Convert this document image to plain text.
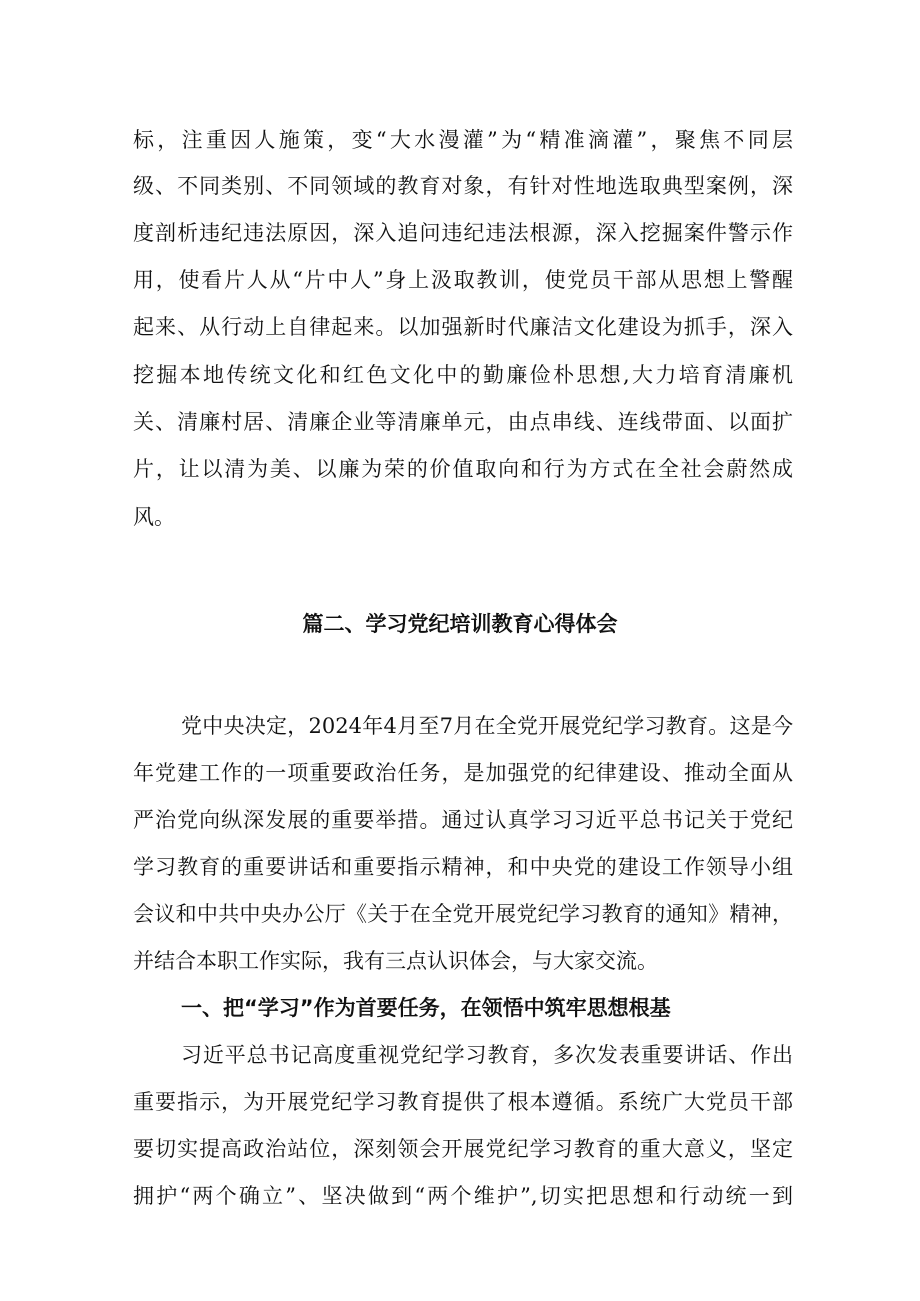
标，注重因人施策，变“大水漫灌”为“精准滴灌”，聚焦不同层
级、不同类别、不同领域的教育对象，有针对性地选取典型案例，深
度剖析违纪违法原因，深入追问违纪违法根源，深入挖掘案件警示作
用，使看片人从“片中人”身上汲取教训，使党员干部从思想上警醒
起来、从行动上自律起来。以加强新时代廉洁文化建设为抓手，深入
挖掘本地传统文化和红色文化中的勤廉俭朴思想,大力培育清廉机
关、清廉村居、清廉企业等清廉单元，由点串线、连线带面、以面扩
片，让以清为美、以廉为荣的价值取向和行为方式在全社会蔚然成
风。
篇二、学习党纪培训教育心得体会
党中央决定，2024年4月至7月在全党开展党纪学习教育。这是今
年党建工作的一项重要政治任务，是加强党的纪律建设、推动全面从
严治党向纵深发展的重要举措。通过认真学习习近平总书记关于党纪
学习教育的重要讲话和重要指示精神，和中央党的建设工作领导小组
会议和中共中央办公厅《关于在全党开展党纪学习教育的通知》精神，
并结合本职工作实际，我有三点认识体会，与大家交流。
一、把“学习”作为首要任务，在领悟中筑牢思想根基
习近平总书记高度重视党纪学习教育，多次发表重要讲话、作出
重要指示，为开展党纪学习教育提供了根本遵循。系统广大党员干部
要切实提高政治站位，深刻领会开展党纪学习教育的重大意义，坚定
拥护“两个确立”、坚决做到“两个维护”,切实把思想和行动统一到
